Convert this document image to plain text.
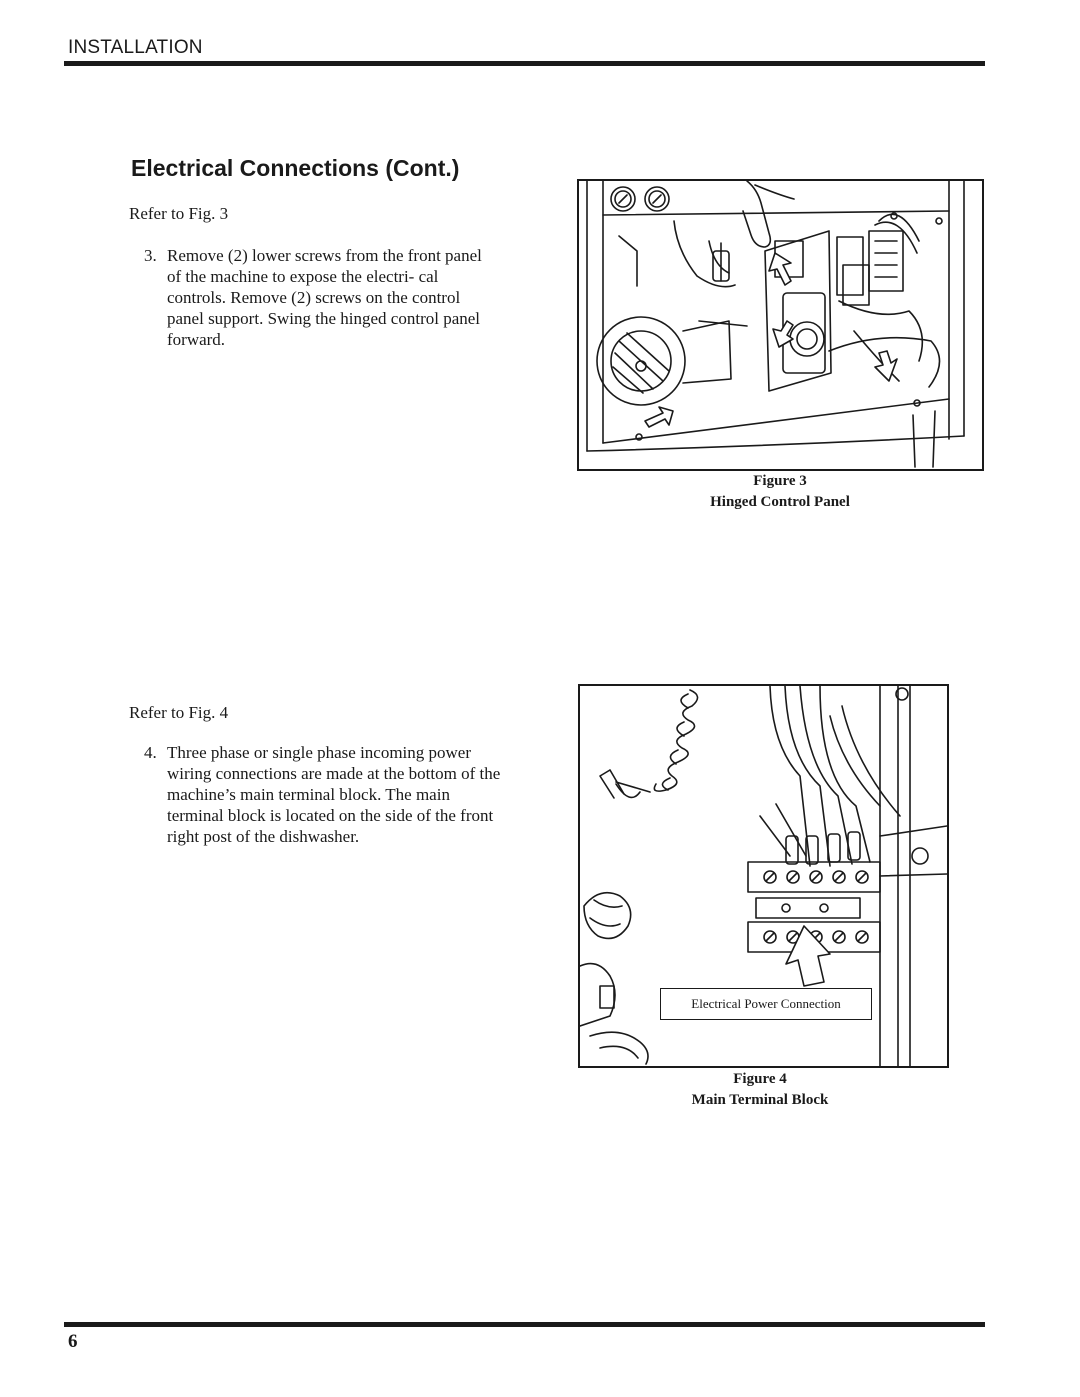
INSTALLATION
Electrical Connections (Cont.)
Refer to Fig. 3
3. Remove (2) lower screws from the front panel of the machine to expose the electri- cal controls. Remove (2) screws on the control panel support. Swing the hinged control panel forward.
Figure 3
Hinged Control Panel
Refer to Fig. 4
4. Three phase or single phase incoming power wiring connections are made at the bottom of the machine’s main terminal block. The main terminal block is located on the side of the front right post of the dishwasher.
Electrical Power Connection
Figure 4
Main Terminal Block
6
